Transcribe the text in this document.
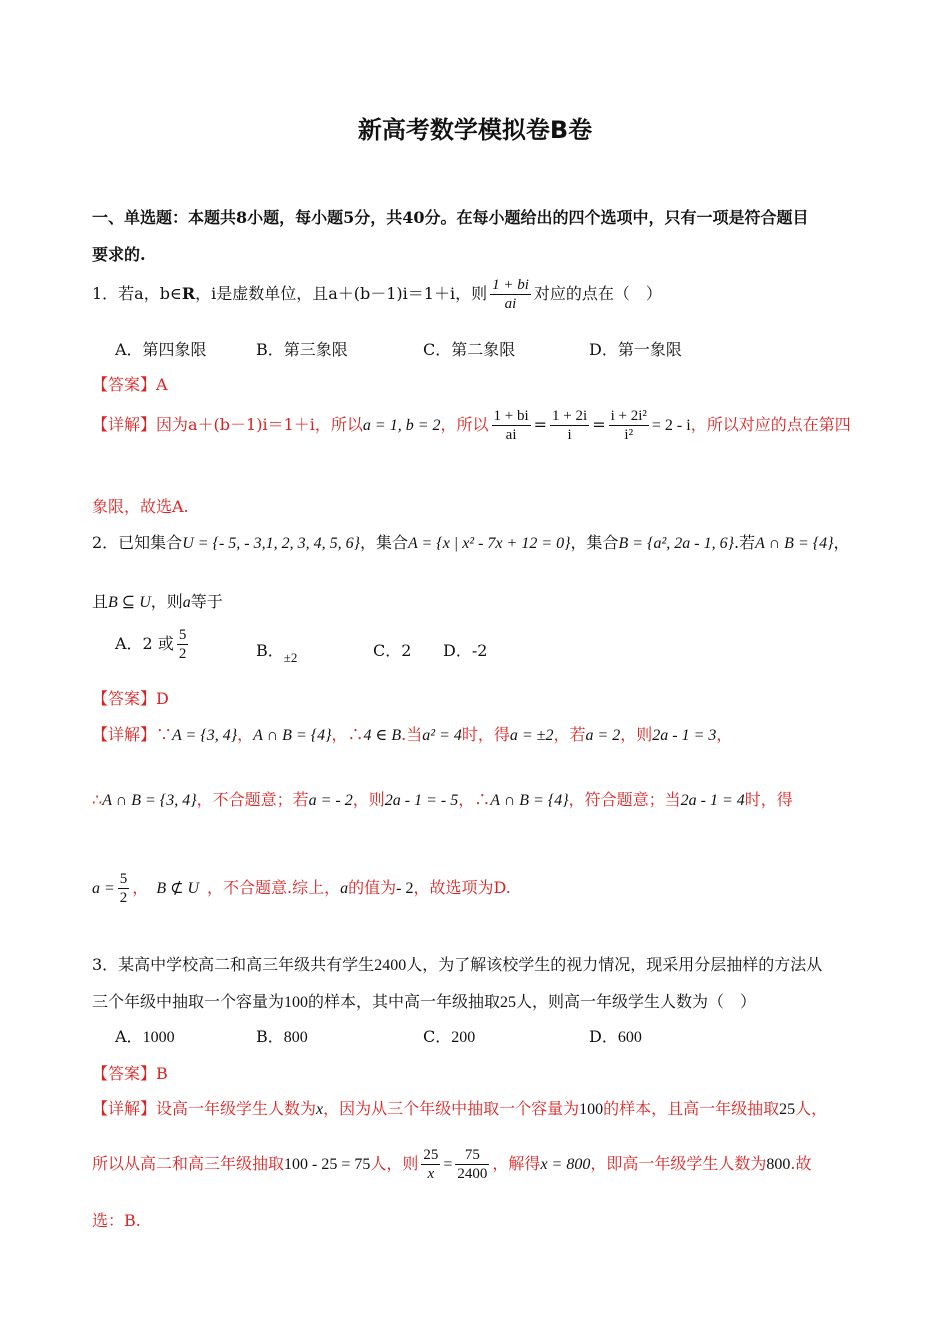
新高考数学模拟卷B卷
一、单选题：本题共8小题，每小题5分，共40分。在每小题给出的四个选项中，只有一项是符合题目
要求的.
1．若a，b∈R，i是虚数单位，且a＋(b－1)i＝1＋i，则 $\frac{1 + bi}{ai}$ 对应的点在（　）
A．第四象限	B．第三象限	C．第二象限	D．第一象限
【答案】A
【详解】因为a＋(b－1)i＝1＋i，所以a = 1, b = 2，所以 $\frac{1 + bi}{ai} = \frac{1 + 2i}{i} = \frac{\text{i + 2i²}}{\text{i²}} = 2 - i$，所以对应的点在第四
象限，故选A.
2．已知集合U = {- 5, - 3,1, 2, 3, 4, 5, 6}，集合A = {x | x² - 7x + 12 = 0}，集合B = {a², 2a - 1, 6}.若A ∩ B = {4}，
且B ⊆ U，则a等于
A．2 或 $\frac{5}{2}$	B．$_{\pm 2}$	C．2 D．-2
【答案】D
【详解】∵A = {3, 4}，A ∩ B = {4}，∴4 ∈ B.当a² = 4时，得a = ±2，若a = 2，则2a - 1 = 3，
∴A ∩ B = {3, 4}，不合题意；若a = - 2，则2a - 1 = - 5，∴A ∩ B = {4}，符合题意；当2a - 1 = 4时，得
$a = \frac{5}{2}$ ， B ⊄ U ，不合题意.综上，a的值为- 2，故选项为D.
3．某高中学校高二和高三年级共有学生2400人，为了解该校学生的视力情况，现采用分层抽样的方法从
三个年级中抽取一个容量为100的样本，其中高一年级抽取25人，则高一年级学生人数为（　）
A．1000	B．800	C．200	D．600
【答案】B
【详解】设高一年级学生人数为x，因为从三个年级中抽取一个容量为100的样本，且高一年级抽取25人，
所以从高二和高三年级抽取100 - 25 = 75人，则 $\frac{25}{x} = \frac{75}{2400}$ ，解得x = 800，即高一年级学生人数为800.故
选：B.
